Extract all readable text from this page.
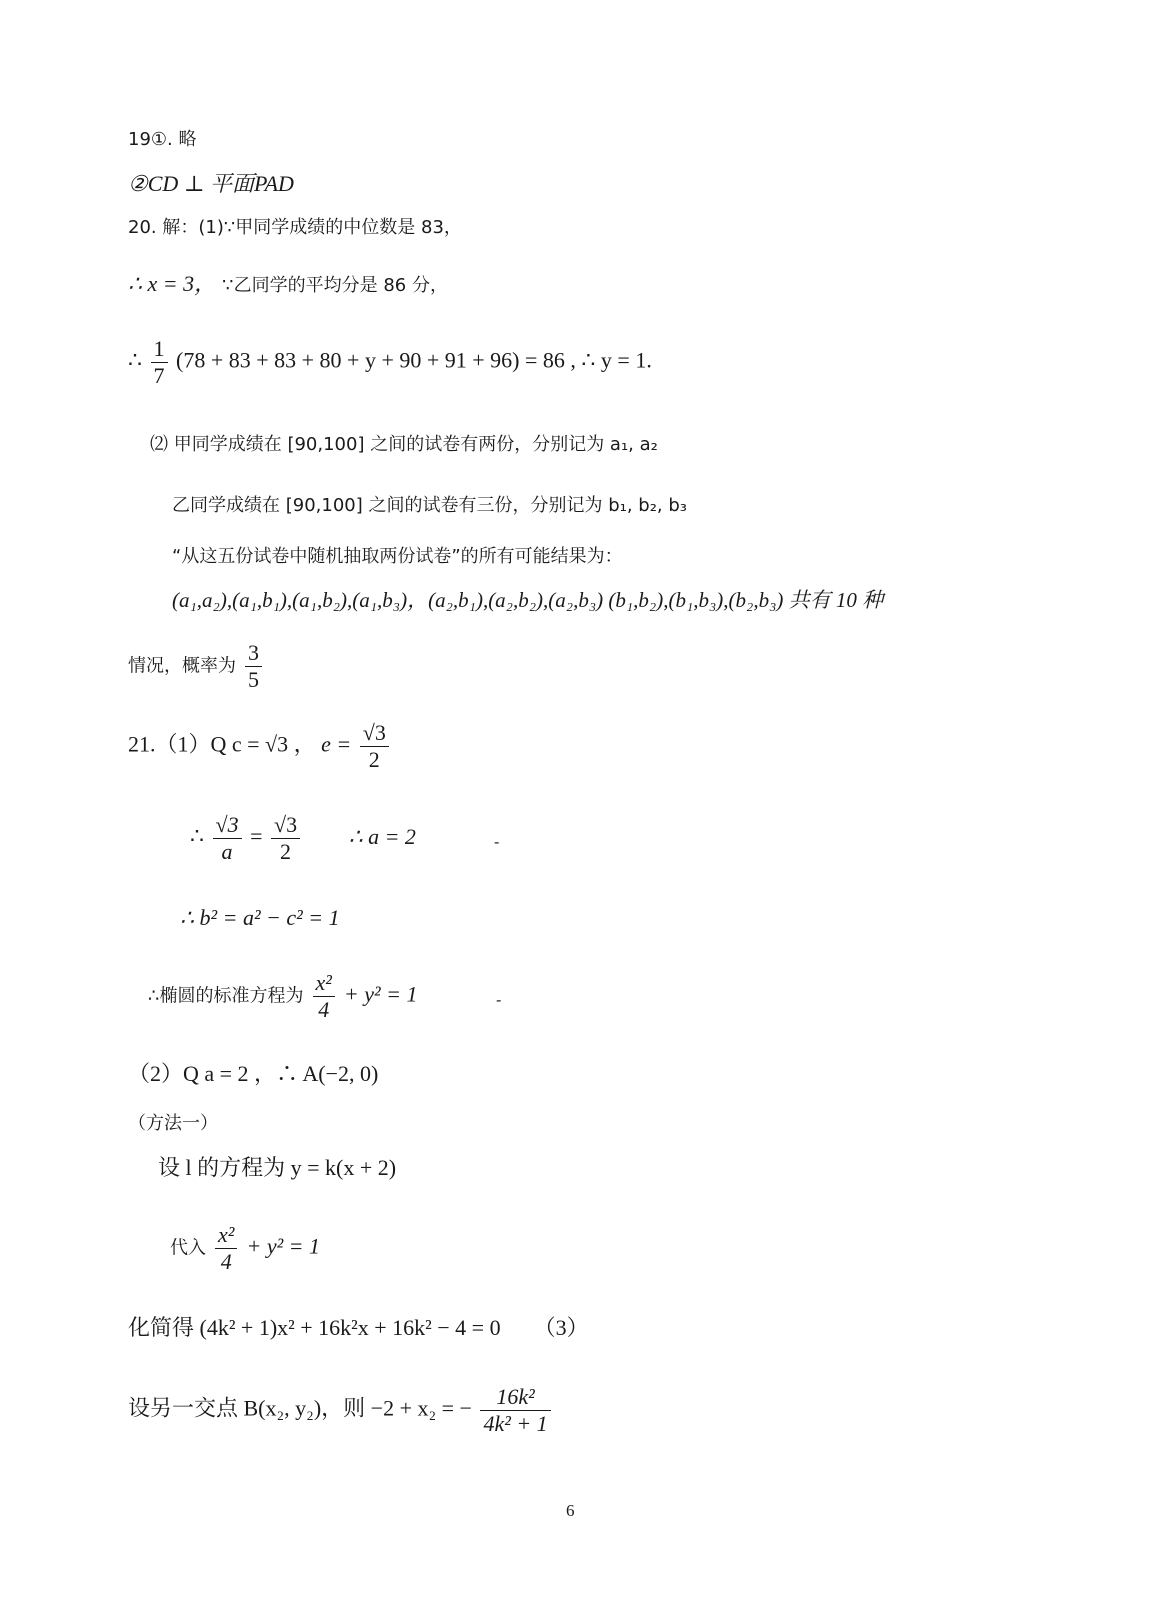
19①. 略
②CD ⊥ 平面PAD
20. 解：(1)∵甲同学成绩的中位数是 83，
∴ x = 3， ∵乙同学的平均分是 86 分，
∴ $\frac{1}{7} (78 + 83 + 83 + 80 + y + 90 + 91 + 96) = 86$ , ∴ y = 1.
⑵ 甲同学成绩在 [90,100] 之间的试卷有两份，分别记为 a₁, a₂
乙同学成绩在 [90,100] 之间的试卷有三份，分别记为 b₁, b₂, b₃
“从这五份试卷中随机抽取两份试卷”的所有可能结果为：
(a₁,a₂),(a₁,b₁),(a₁,b₂),(a₁,b₃)，(a₂,b₁),(a₂,b₂),(a₂,b₃) (b₁,b₂),(b₁,b₃),(b₂,b₃) 共有 10 种
情况，概率为 $\frac{3}{5}$
21.（1）Q c = √3 ， $e = \frac{√3}{2}$
∴ $\frac{√3}{a} = \frac{√3}{2}$ ∴ a = 2	-
∴ b² = a² − c² = 1
∴椭圆的标准方程为 $\frac{\text{x²}}{4} + y^2 = 1$	-
（2）Q a = 2 ，∴ A(−2, 0)
（方法一）
设 l 的方程为 y = k(x + 2)
代入 $\frac{\text{x²}}{4} + y^2 = 1$
化简得 (4k² + 1)x² + 16k²x + 16k² − 4 = 0　　（3）
设另一交点 B(x₂, y₂)，则 −2 + x₂ = − $\frac{\text{16k²}}{\text{4k² + 1}}$
6
